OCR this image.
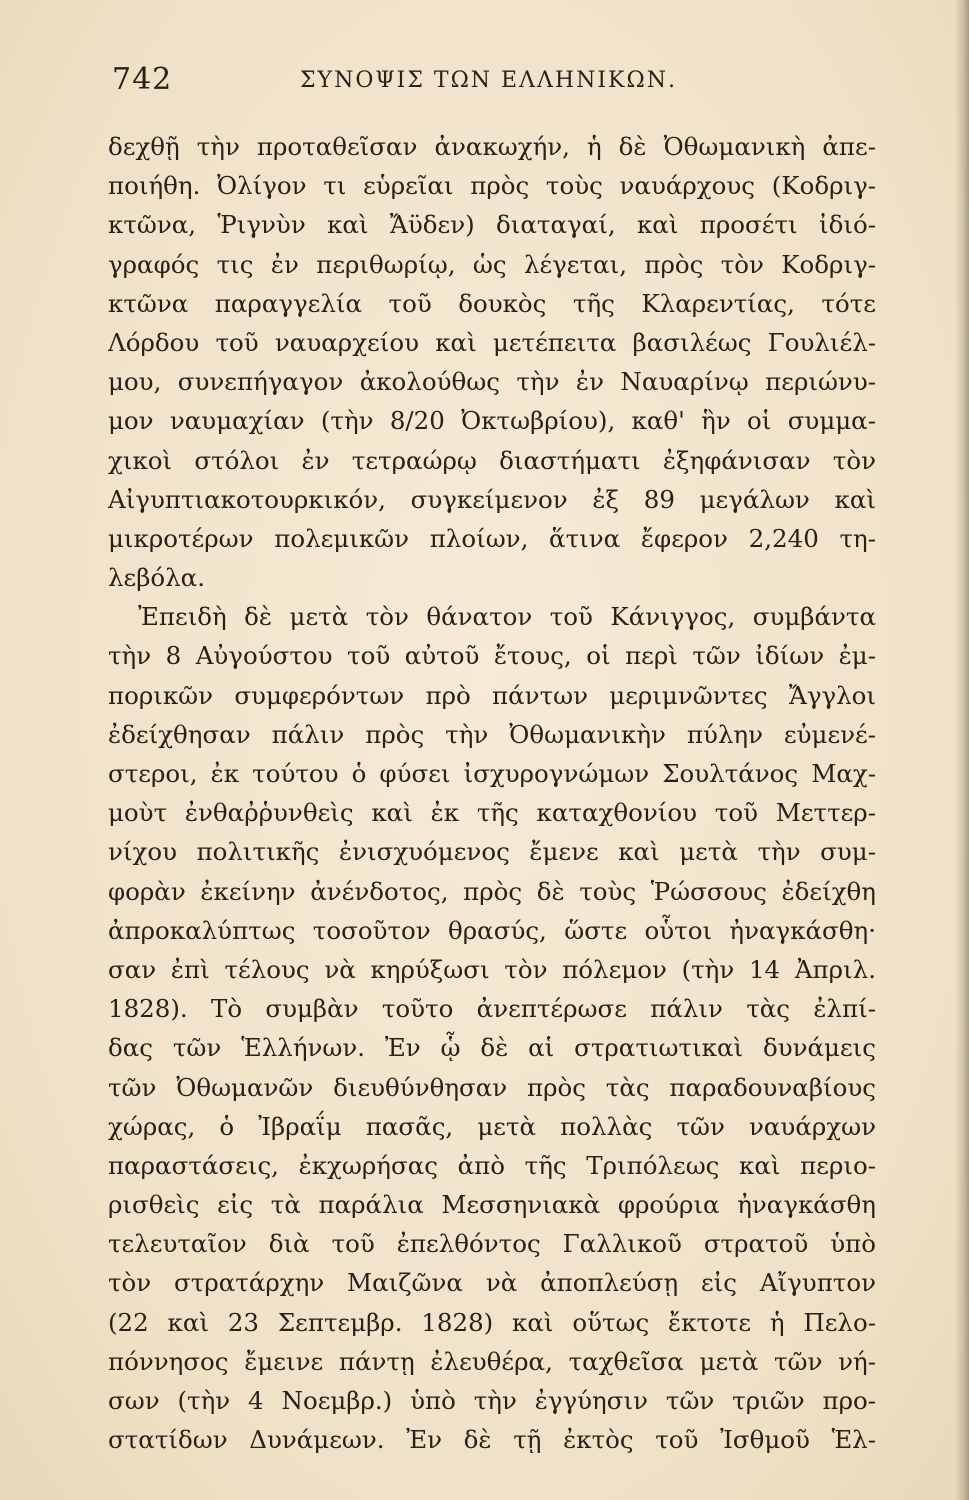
742	ΣΥΝΟΨΙΣ ΤΩΝ ΕΛΛΗΝΙΚΩΝ.
δεχθῇ τὴν προταθεῖσαν ἀνακωχήν, ἡ δὲ Ὀθωμανικὴ ἀπε-
ποιήθη. Ὀλίγον τι εὑρεῖαι πρὸς τοὺς ναυάρχους (Κοδριγ-
κτῶνα, Ῥιγνὺν καὶ Ἄϋδεν) διαταγαί, καὶ προσέτι ἰδιό-
γραφός τις ἐν περιθωρίῳ, ὡς λέγεται, πρὸς τὸν Κοδριγ-
κτῶνα παραγγελία τοῦ δουκὸς τῆς Κλαρεντίας, τότε
Λόρδου τοῦ ναυαρχείου καὶ μετέπειτα βασιλέως Γουλιέλ-
μου, συνεπήγαγον ἀκολούθως τὴν ἐν Ναυαρίνῳ περιώνυ-
μον ναυμαχίαν (τὴν 8/20 Ὀκτωβρίου), καθ' ἣν οἱ συμμα-
χικοὶ στόλοι ἐν τετραώρῳ διαστήματι ἐξηφάνισαν τὸν
Αἰγυπτιακοτουρκικόν, συγκείμενον ἐξ 89 μεγάλων καὶ
μικροτέρων πολεμικῶν πλοίων, ἅτινα ἔφερον 2,240 τη-
λεβόλα.
Ἐπειδὴ δὲ μετὰ τὸν θάνατον τοῦ Κάνιγγος, συμβάντα
τὴν 8 Αὐγούστου τοῦ αὐτοῦ ἔτους, οἱ περὶ τῶν ἰδίων ἐμ-
πορικῶν συμφερόντων πρὸ πάντων μεριμνῶντες Ἄγγλοι
ἐδείχθησαν πάλιν πρὸς τὴν Ὀθωμανικὴν πύλην εὐμενέ-
στεροι, ἐκ τούτου ὁ φύσει ἰσχυρογνώμων Σουλτάνος Μαχ-
μοὺτ ἐνθαῤῥυνθεὶς καὶ ἐκ τῆς καταχθονίου τοῦ Μεττερ-
νίχου πολιτικῆς ἐνισχυόμενος ἔμενε καὶ μετὰ τὴν συμ-
φορὰν ἐκείνην ἀνένδοτος, πρὸς δὲ τοὺς Ῥώσσους ἐδείχθη
ἀπροκαλύπτως τοσοῦτον θρασύς, ὥστε οὗτοι ἠναγκάσθη·
σαν ἐπὶ τέλους νὰ κηρύξωσι τὸν πόλεμον (τὴν 14 Ἀπριλ.
1828). Τὸ συμβὰν τοῦτο ἀνεπτέρωσε πάλιν τὰς ἐλπί-
δας τῶν Ἑλλήνων. Ἐν ᾧ δὲ αἱ στρατιωτικαὶ δυνάμεις
τῶν Ὀθωμανῶν διευθύνθησαν πρὸς τὰς παραδουναβίους
χώρας, ὁ Ἰβραΐμ πασᾶς, μετὰ πολλὰς τῶν ναυάρχων
παραστάσεις, ἐκχωρήσας ἀπὸ τῆς Τριπόλεως καὶ περιο-
ρισθεὶς εἰς τὰ παράλια Μεσσηνιακὰ φρούρια ἠναγκάσθη
τελευταῖον διὰ τοῦ ἐπελθόντος Γαλλικοῦ στρατοῦ ὑπὸ
τὸν στρατάρχην Μαιζῶνα νὰ ἀποπλεύσῃ εἰς Αἴγυπτον
(22 καὶ 23 Σεπτεμβρ. 1828) καὶ οὕτως ἔκτοτε ἡ Πελο-
πόννησος ἔμεινε πάντῃ ἐλευθέρα, ταχθεῖσα μετὰ τῶν νή-
σων (τὴν 4 Νοεμβρ.) ὑπὸ τὴν ἐγγύησιν τῶν τριῶν προ-
στατίδων Δυνάμεων. Ἐν δὲ τῇ ἐκτὸς τοῦ Ἰσθμοῦ Ἑλ-
